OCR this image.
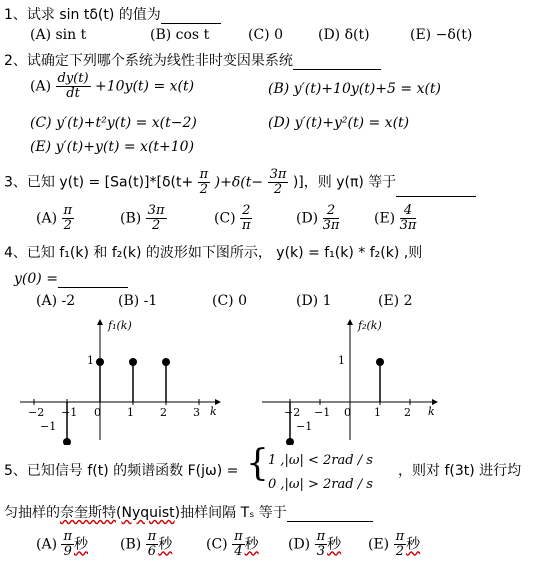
1、试求 sin tδ(t) 的值为
(A) sin t	(B) cos t	(C) 0	(D) δ(t)	(E) −δ(t)
2、试确定下列哪个系统为线性非时变因果系统
$(A) \frac{dy(t)}{dt} +10y(t) = x(t)$	(B) y′(t)+10y(t)+5 = x(t)
(C) y′(t)+t²y(t) = x(t−2)	(D) y′(t)+y²(t) = x(t)
(E) y′(t)+y(t) = x(t+10)
3、已知 $y(t) = [Sa(t)]*[\delta(t+ \frac{\pi}{2} )+\delta(t- \frac{3\pi}{2}$ )]，则 y(π) 等于
$(A) \frac{\pi}{2}$	$(B) \frac{3\pi}{2}$	$(C) \frac{2}{\pi}$	$(D) \frac{2}{3\pi} (E) \frac{4}{3\pi}$
4、已知 f₁(k) 和 f₂(k) 的波形如下图所示， y(k) = f₁(k) * f₂(k) ,则
y(0) =
(A) -2	(B) -1	(C) 0	(D) 1	(E) 2
f₁(k)
k
1
−1
−2 −1 0 1 2 3
f₂(k)
k
1
−1
−2 −1 0 1 2
5、已知信号 f(t) 的频谱函数 F(jω) = { 1 ,|ω| < 2rad / s
0 ,|ω| > 2rad / s
，则对 f(3t) 进行均
匀抽样的奈奎斯特(Nyquist)抽样间隔 Tₛ 等于
$(A) \frac{\pi}{9}$ 秒 $(B) \frac{\pi}{6}$ 秒 $(C) \frac{\pi}{4}$ 秒 $(D) \frac{\pi}{3}$ 秒 $(E) \frac{\pi}{2}$ 秒
